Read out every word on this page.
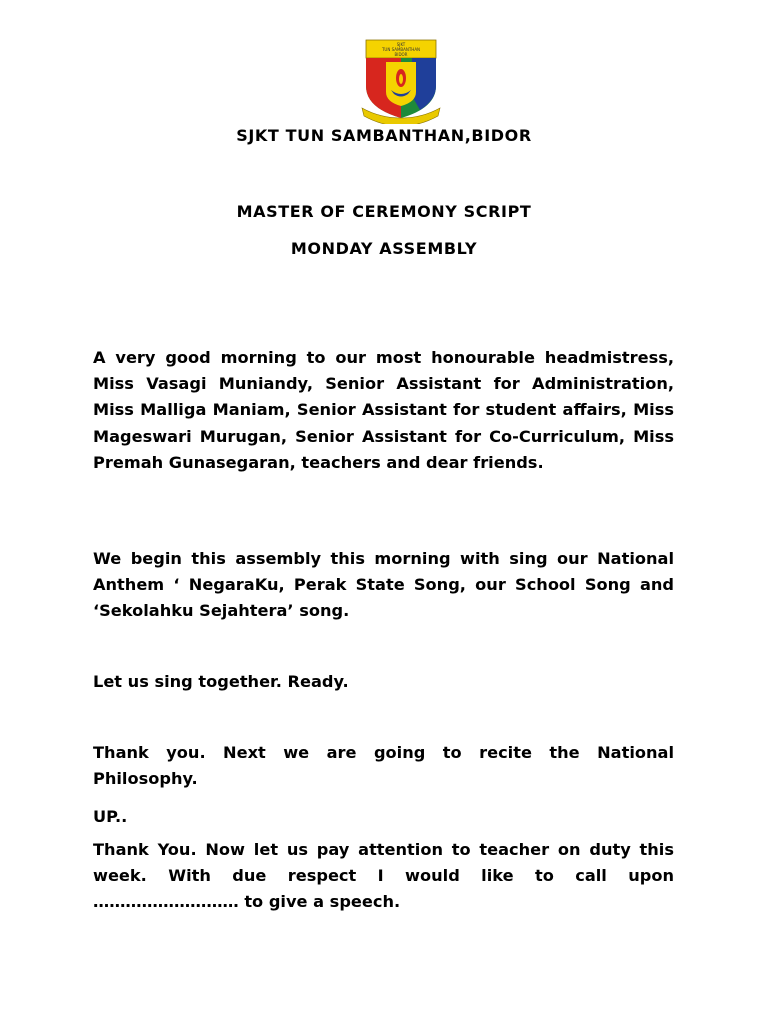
SJKT
TUN SAMBANTHAN
BIDOR
SJKT TUN SAMBANTHAN,BIDOR
MASTER OF CEREMONY SCRIPT
MONDAY ASSEMBLY
A very good morning to our most honourable headmistress, Miss Vasagi Muniandy, Senior Assistant for Administration, Miss Malliga Maniam, Senior Assistant for student affairs, Miss Mageswari Murugan, Senior Assistant for Co-Curriculum, Miss Premah Gunasegaran, teachers and dear friends.
We begin this assembly this morning with sing our National Anthem ‘ NegaraKu, Perak State Song, our School Song and ‘Sekolahku Sejahtera’ song.
Let us sing together. Ready.
Thank you. Next we are going to recite the National Philosophy.
UP..
Thank You. Now let us pay attention to teacher on duty this week. With due respect I would like to call upon ……………………… to give a speech.
